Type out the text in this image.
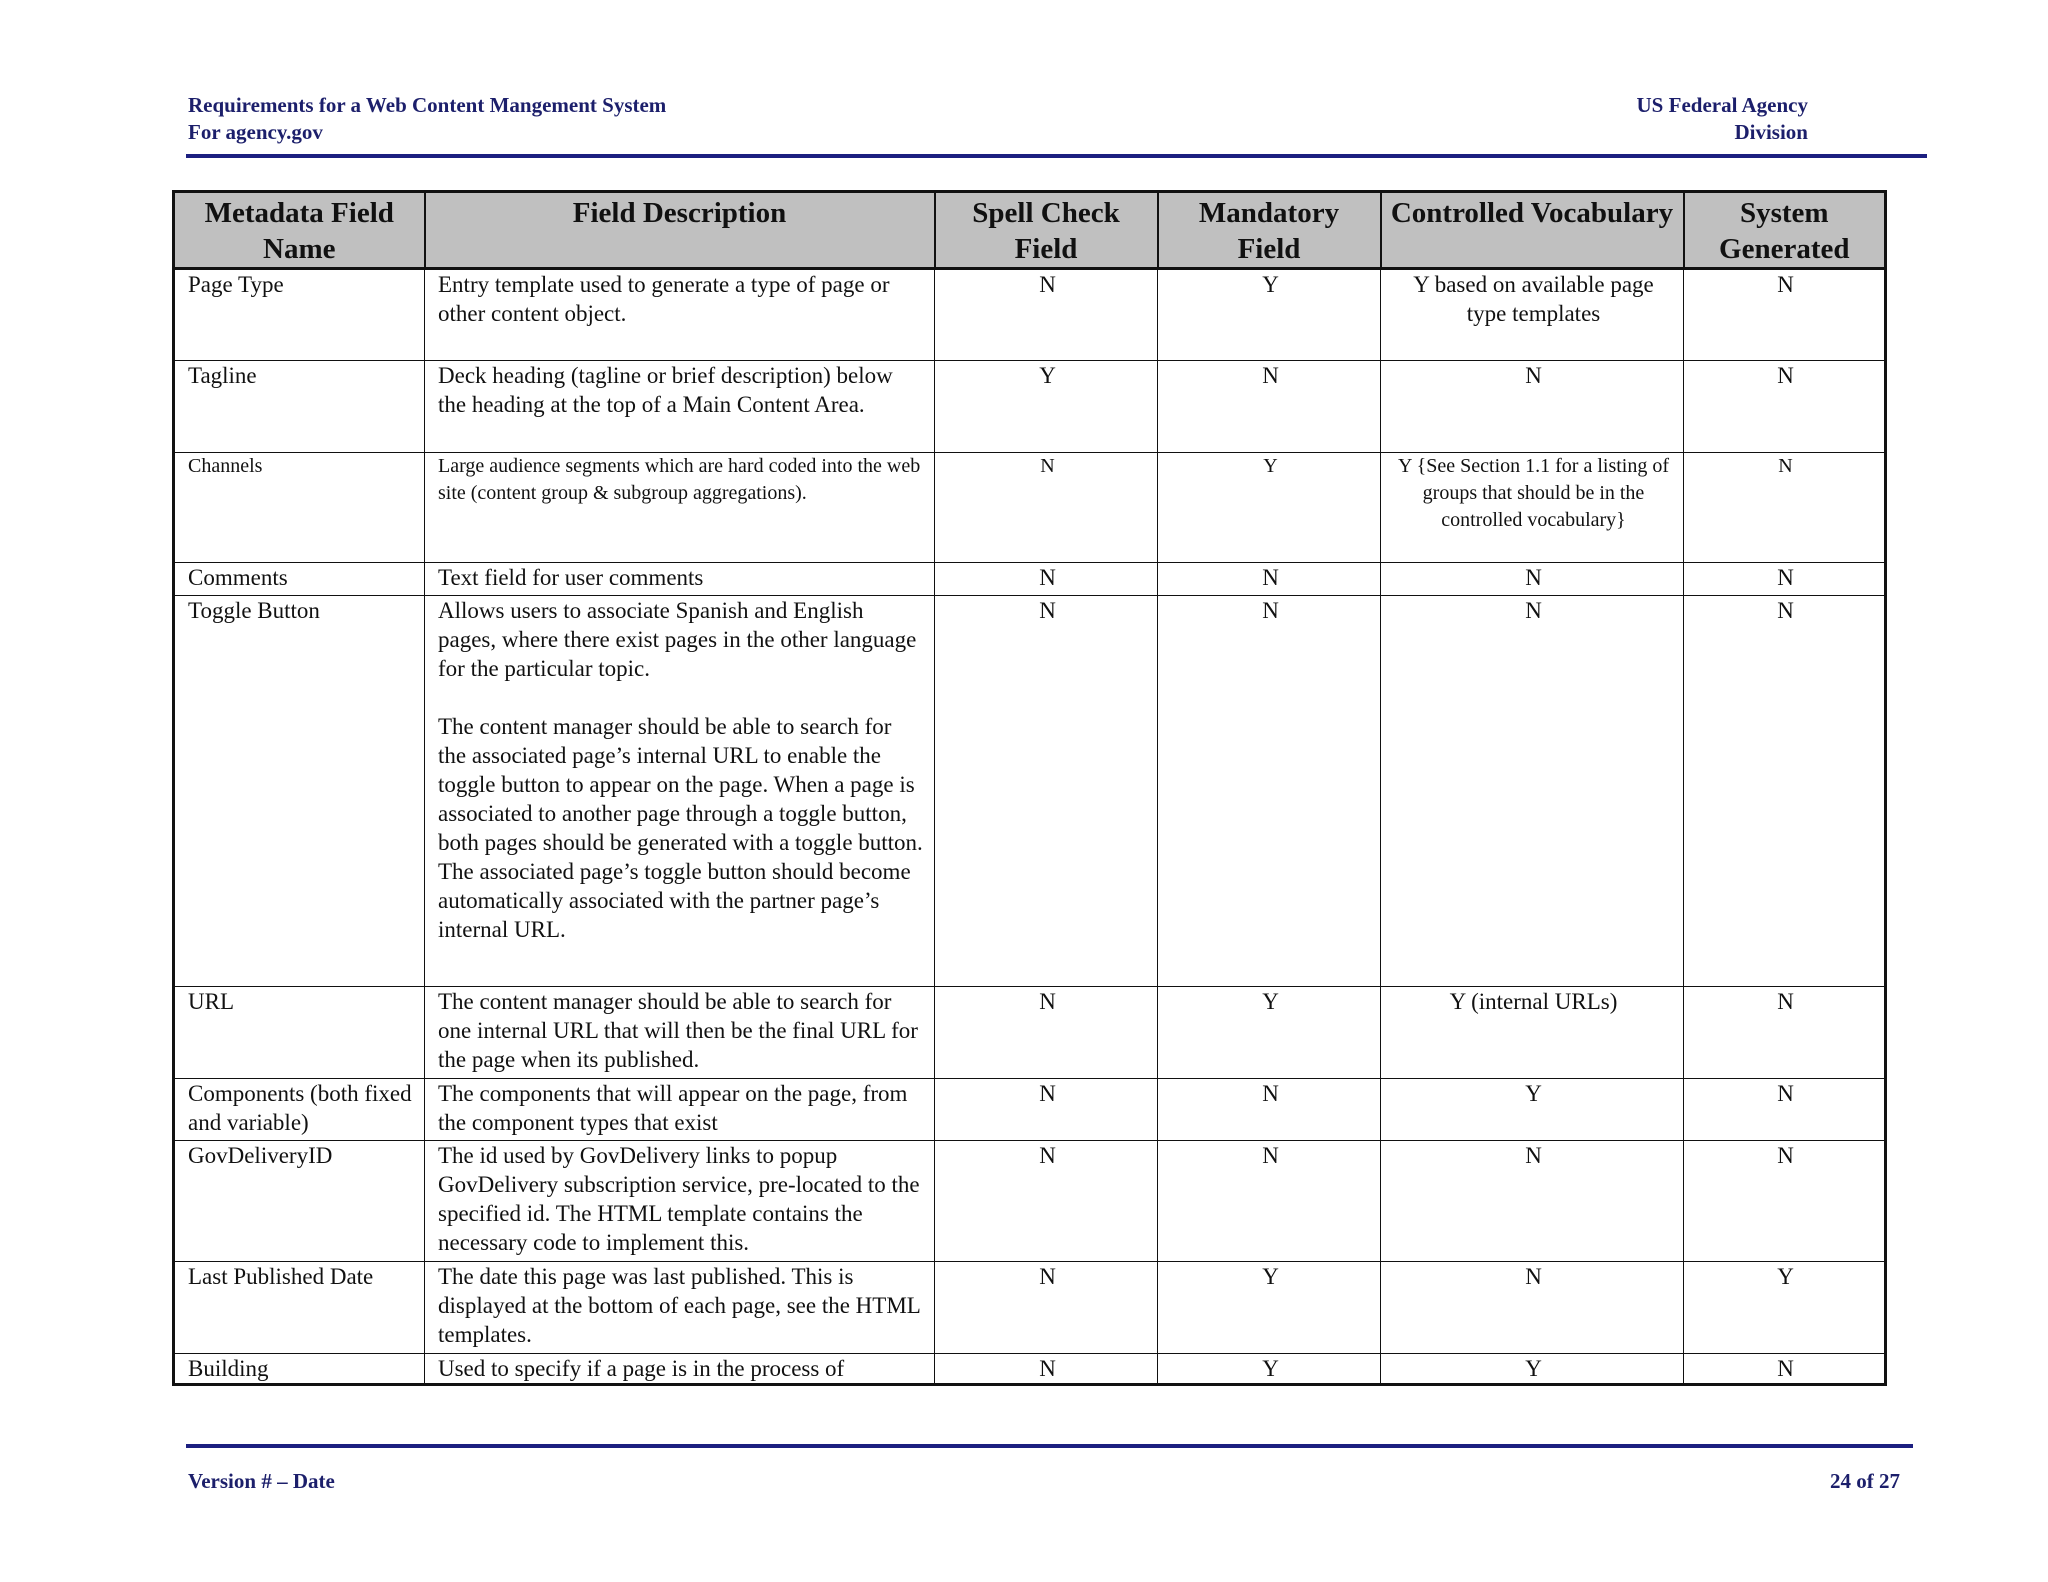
Requirements for a Web Content Mangement System
For agency.gov
US Federal Agency
Division
Metadata Field Name	Field Description	Spell Check Field	Mandatory Field	Controlled Vocabulary	System Generated
Page Type	Entry template used to generate a type of page or other content object.	N	Y	Y based on available page type templates	N
Tagline	Deck heading (tagline or brief description) below the heading at the top of a Main Content Area.	Y	N	N	N
Channels	Large audience segments which are hard coded into the web site (content group & subgroup aggregations).	N	Y	Y {See Section 1.1 for a listing of groups that should be in the controlled vocabulary}	N
Comments	Text field for user comments	N	N	N	N
Toggle Button	Allows users to associate Spanish and English pages, where there exist pages in the other language for the particular topic.
The content manager should be able to search for the associated page’s internal URL to enable the toggle button to appear on the page. When a page is associated to another page through a toggle button, both pages should be generated with a toggle button. The associated page’s toggle button should become automatically associated with the partner page’s internal URL.	N	N	N	N
URL	The content manager should be able to search for one internal URL that will then be the final URL for the page when its published.	N	Y	Y (internal URLs)	N
Components (both fixed and variable)	The components that will appear on the page, from the component types that exist	N	N	Y	N
GovDeliveryID	The id used by GovDelivery links to popup GovDelivery subscription service, pre-located to the specified id. The HTML template contains the necessary code to implement this.	N	N	N	N
Last Published Date	The date this page was last published. This is displayed at the bottom of each page, see the HTML templates.	N	Y	N	Y
Building	Used to specify if a page is in the process of	N	Y	Y	N
Version # – Date	24 of 27
